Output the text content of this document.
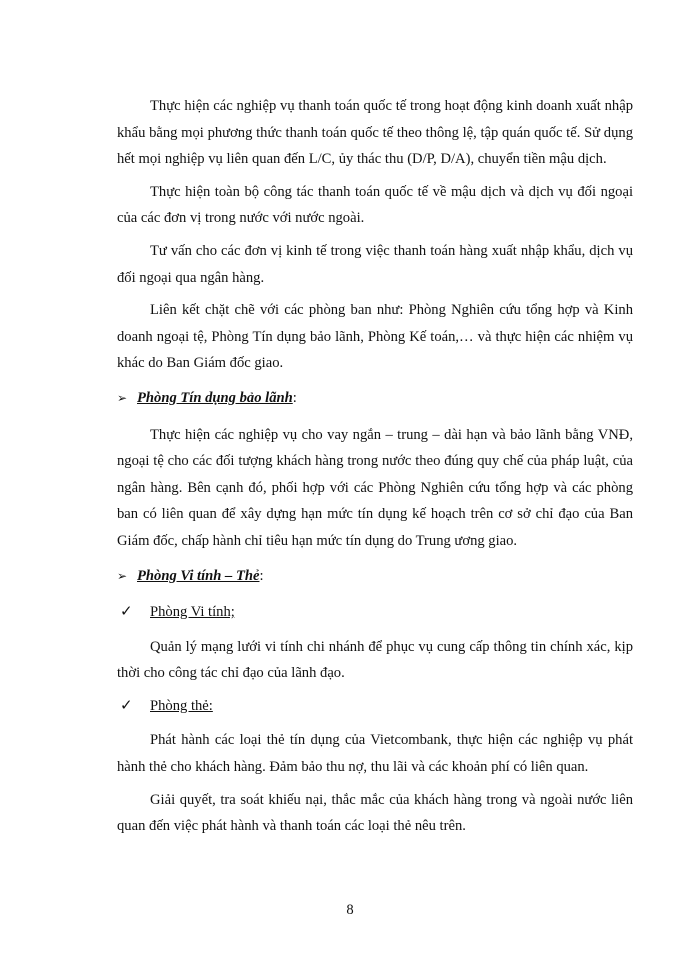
Thực hiện các nghiệp vụ thanh toán quốc tế trong hoạt động kinh doanh xuất nhập khẩu bằng mọi phương thức thanh toán quốc tế theo thông lệ, tập quán quốc tế. Sử dụng hết mọi nghiệp vụ liên quan đến L/C, ủy thác thu (D/P, D/A), chuyển tiền mậu dịch.

Thực hiện toàn bộ công tác thanh toán quốc tế về mậu dịch và dịch vụ đối ngoại của các đơn vị trong nước với nước ngoài.

Tư vấn cho các đơn vị kinh tế trong việc thanh toán hàng xuất nhập khẩu, dịch vụ đối ngoại qua ngân hàng.

Liên kết chặt chẽ với các phòng ban như: Phòng Nghiên cứu tổng hợp và Kinh doanh ngoại tệ, Phòng Tín dụng bảo lãnh, Phòng Kế toán,… và thực hiện các nhiệm vụ khác do Ban Giám đốc giao.

➢ Phòng Tín dụng bảo lãnh:

Thực hiện các nghiệp vụ cho vay ngắn – trung – dài hạn và bảo lãnh bằng VNĐ, ngoại tệ cho các đối tượng khách hàng trong nước theo đúng quy chế của pháp luật, của ngân hàng. Bên cạnh đó, phối hợp với các Phòng Nghiên cứu tổng hợp và các phòng ban có liên quan để xây dựng hạn mức tín dụng kế hoạch trên cơ sở chỉ đạo của Ban Giám đốc, chấp hành chỉ tiêu hạn mức tín dụng do Trung ương giao.

➢ Phòng Vi tính – Thẻ:
✓ Phòng Vi tính;

Quản lý mạng lưới vi tính chi nhánh để phục vụ cung cấp thông tin chính xác, kịp thời cho công tác chỉ đạo của lãnh đạo.

✓ Phòng thẻ:

Phát hành các loại thẻ tín dụng của Vietcombank, thực hiện các nghiệp vụ phát hành thẻ cho khách hàng. Đảm bảo thu nợ, thu lãi và các khoản phí có liên quan.

Giải quyết, tra soát khiếu nại, thắc mắc của khách hàng trong và ngoài nước liên quan đến việc phát hành và thanh toán các loại thẻ nêu trên.

8
